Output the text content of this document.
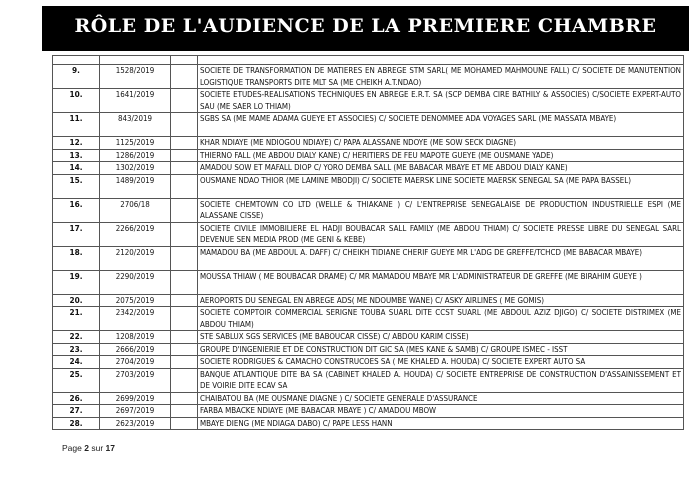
RÔLE DE L'AUDIENCE DE LA PREMIERE CHAMBRE

9.	1528/2019		SOCIETE DE TRANSFORMATION DE MATIERES EN ABREGE STM SARL( ME MOHAMED MAHMOUNE FALL) C/ SOCIETE DE MANUTENTION LOGISTIQUE TRANSPORTS DITE MLT SA (ME CHEIKH A.T.NDAO)
10.	1641/2019		SOCIETE ETUDES-REALISATIONS TECHNIQUES EN ABREGE E.R.T. SA (SCP DEMBA CIRE BATHILY & ASSOCIES) C/SOCIETE EXPERT-AUTO SAU (ME SAER LO THIAM)
11.	843/2019		SGBS SA (ME MAME ADAMA GUEYE ET ASSOCIES) C/ SOCIETE DENOMMEE ADA VOYAGES SARL (ME MASSATA MBAYE)
12.	1125/2019		KHAR NDIAYE (ME NDIOGOU NDIAYE) C/ PAPA ALASSANE NDOYE (ME SOW SECK DIAGNE)
13.	1286/2019		THIERNO FALL (ME ABDOU DIALY KANE) C/ HERITIERS DE FEU MAPOTE GUEYE (ME OUSMANE YADE)
14.	1302/2019		AMADOU SOW ET MAFALL DIOP C/ YORO DEMBA SALL (ME BABACAR MBAYE ET ME ABDOU DIALY KANE)
15.	1489/2019		OUSMANE NDAO THIOR (ME LAMINE MBODJI) C/ SOCIETE MAERSK LINE SOCIETE MAERSK SENEGAL SA (ME PAPA BASSEL)
16.	2706/18		SOCIETE CHEMTOWN CO LTD (WELLE & THIAKANE ) C/ L'ENTREPRISE SENEGALAISE DE PRODUCTION INDUSTRIELLE ESPI (ME ALASSANE CISSE)
17.	2266/2019		SOCIETE CIVILE IMMOBILIERE EL HADJI BOUBACAR SALL FAMILY (ME ABDOU THIAM) C/ SOCIETE PRESSE LIBRE DU SENEGAL SARL DEVENUE SEN MEDIA PROD (ME GENI & KEBE)
18.	2120/2019		MAMADOU BA (ME ABDOUL A. DAFF) C/ CHEIKH TIDIANE CHERIF GUEYE MR L'ADG DE GREFFE/TCHCD (ME BABACAR MBAYE)
19.	2290/2019		MOUSSA THIAW ( ME BOUBACAR DRAME) C/ MR MAMADOU MBAYE MR L'ADMINISTRATEUR DE GREFFE (ME BIRAHIM GUEYE )
20.	2075/2019		AEROPORTS DU SENEGAL EN ABREGE ADS( ME NDOUMBE WANE) C/ ASKY AIRLINES ( ME GOMIS)
21.	2342/2019		SOCIETE COMPTOIR COMMERCIAL SERIGNE TOUBA SUARL DITE CCST SUARL (ME ABDOUL AZIZ DJIGO) C/ SOCIETE DISTRIMEX (ME ABDOU THIAM)
22.	1208/2019		STE SABLUX SGS SERVICES (ME BABOUCAR CISSE) C/ ABDOU KARIM CISSE)
23.	2666/2019		GROUPE D'INGENIERIE ET DE CONSTRUCTION DIT GIC SA (MES KANE & SAMB) C/ GROUPE ISMEC - ISST
24.	2704/2019		SOCIETE RODRIGUES & CAMACHO CONSTRUCOES SA ( ME KHALED A. HOUDA) C/ SOCIETE EXPERT AUTO SA
25.	2703/2019		BANQUE ATLANTIQUE DITE BA SA (CABINET KHALED A. HOUDA) C/ SOCIETE ENTREPRISE DE CONSTRUCTION D'ASSAINISSEMENT ET DE VOIRIE DITE ECAV SA
26.	2699/2019		CHAIBATOU BA (ME OUSMANE DIAGNE ) C/ SOCIETE GENERALE D'ASSURANCE
27.	2697/2019		FARBA MBACKE NDIAYE (ME BABACAR MBAYE ) C/ AMADOU MBOW
28.	2623/2019		MBAYE DIENG (ME NDIAGA DABO) C/ PAPE LESS HANN
Page 2 sur 17
